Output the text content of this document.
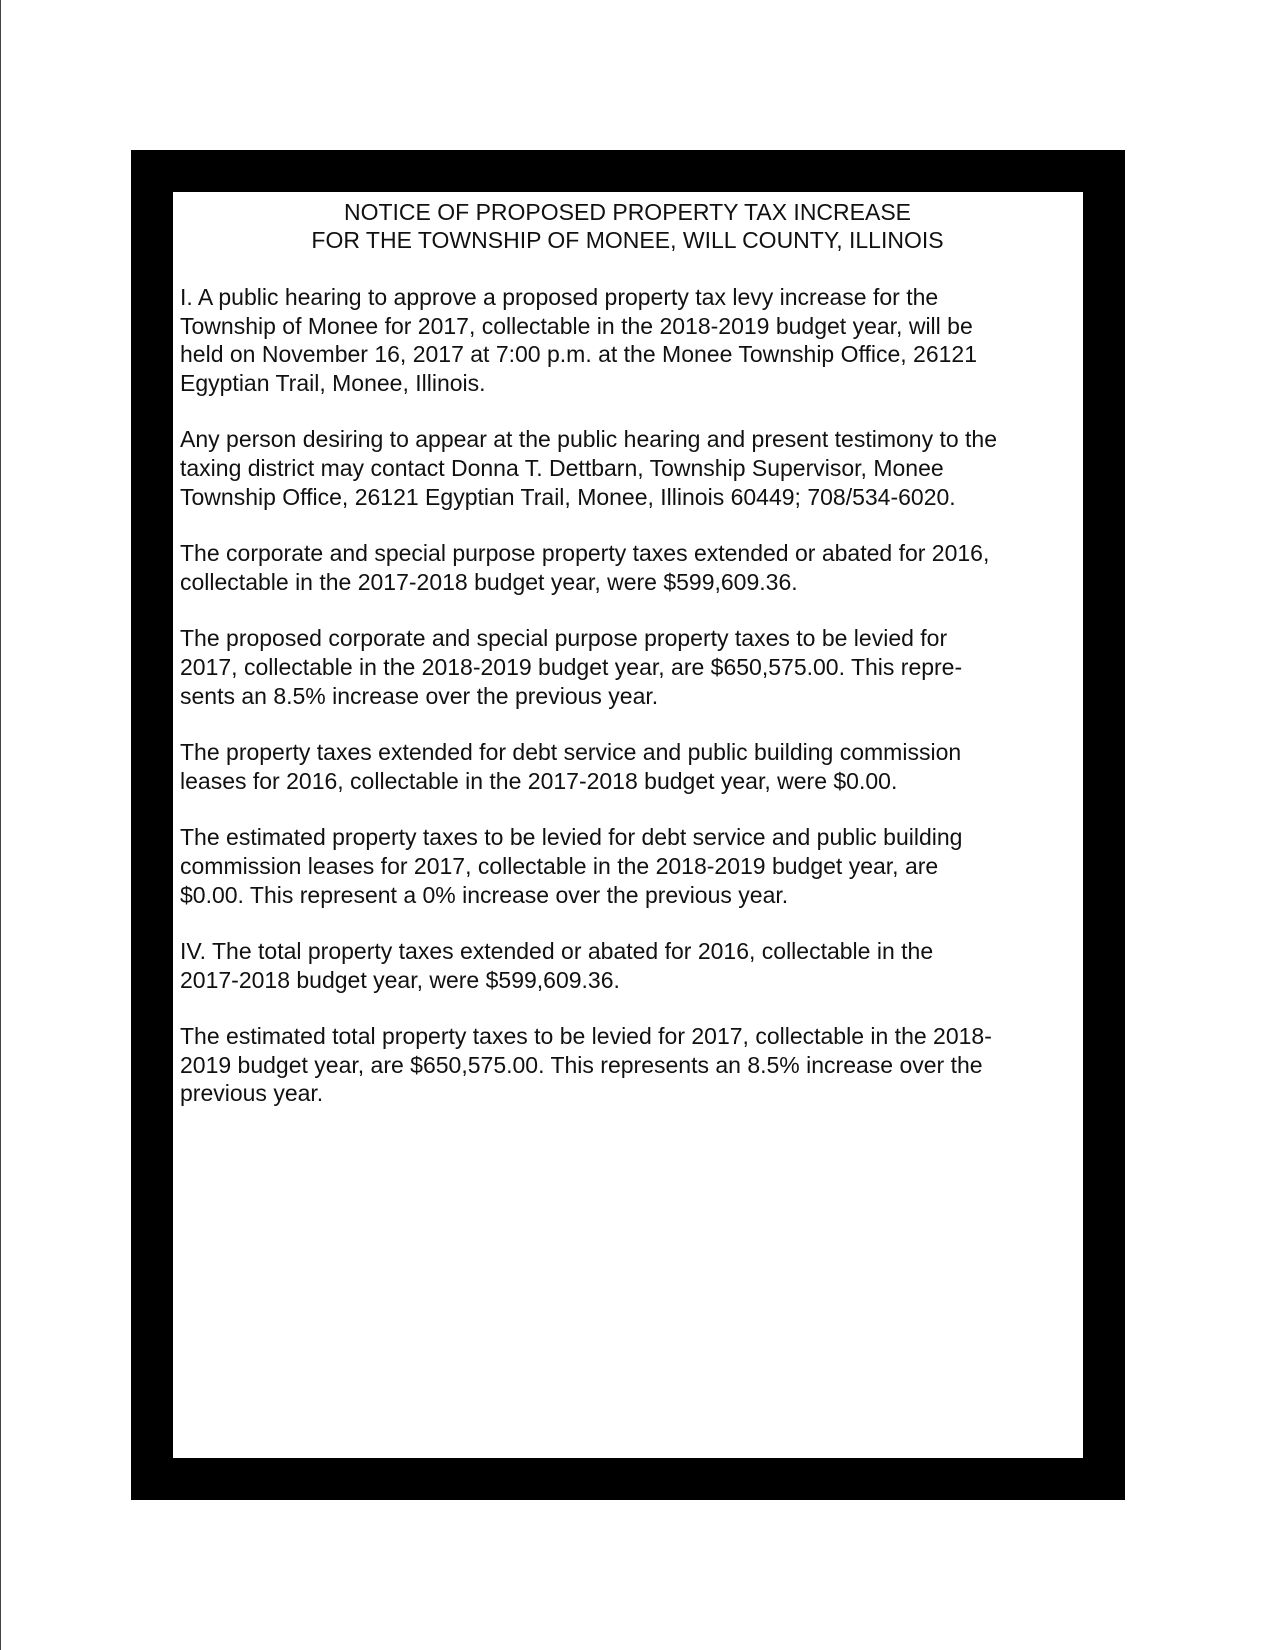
NOTICE OF PROPOSED PROPERTY TAX INCREASE
FOR THE TOWNSHIP OF MONEE, WILL COUNTY, ILLINOIS

I. A public hearing to approve a proposed property tax levy increase for the
Township of Monee for 2017, collectable in the 2018-2019 budget year, will be
held on November 16, 2017 at 7:00 p.m. at the Monee Township Office, 26121
Egyptian Trail, Monee, Illinois.

Any person desiring to appear at the public hearing and present testimony to the
taxing district may contact Donna T. Dettbarn, Township Supervisor, Monee
Township Office, 26121 Egyptian Trail, Monee, Illinois 60449; 708/534-6020.

The corporate and special purpose property taxes extended or abated for 2016,
collectable in the 2017-2018 budget year, were $599,609.36.

The proposed corporate and special purpose property taxes to be levied for
2017, collectable in the 2018-2019 budget year, are $650,575.00. This repre-
sents an 8.5% increase over the previous year.

The property taxes extended for debt service and public building commission
leases for 2016, collectable in the 2017-2018 budget year, were $0.00.

The estimated property taxes to be levied for debt service and public building
commission leases for 2017, collectable in the 2018-2019 budget year, are
$0.00. This represent a 0% increase over the previous year.

IV. The total property taxes extended or abated for 2016, collectable in the
2017-2018 budget year, were $599,609.36.

The estimated total property taxes to be levied for 2017, collectable in the 2018-
2019 budget year, are $650,575.00. This represents an 8.5% increase over the
previous year.
